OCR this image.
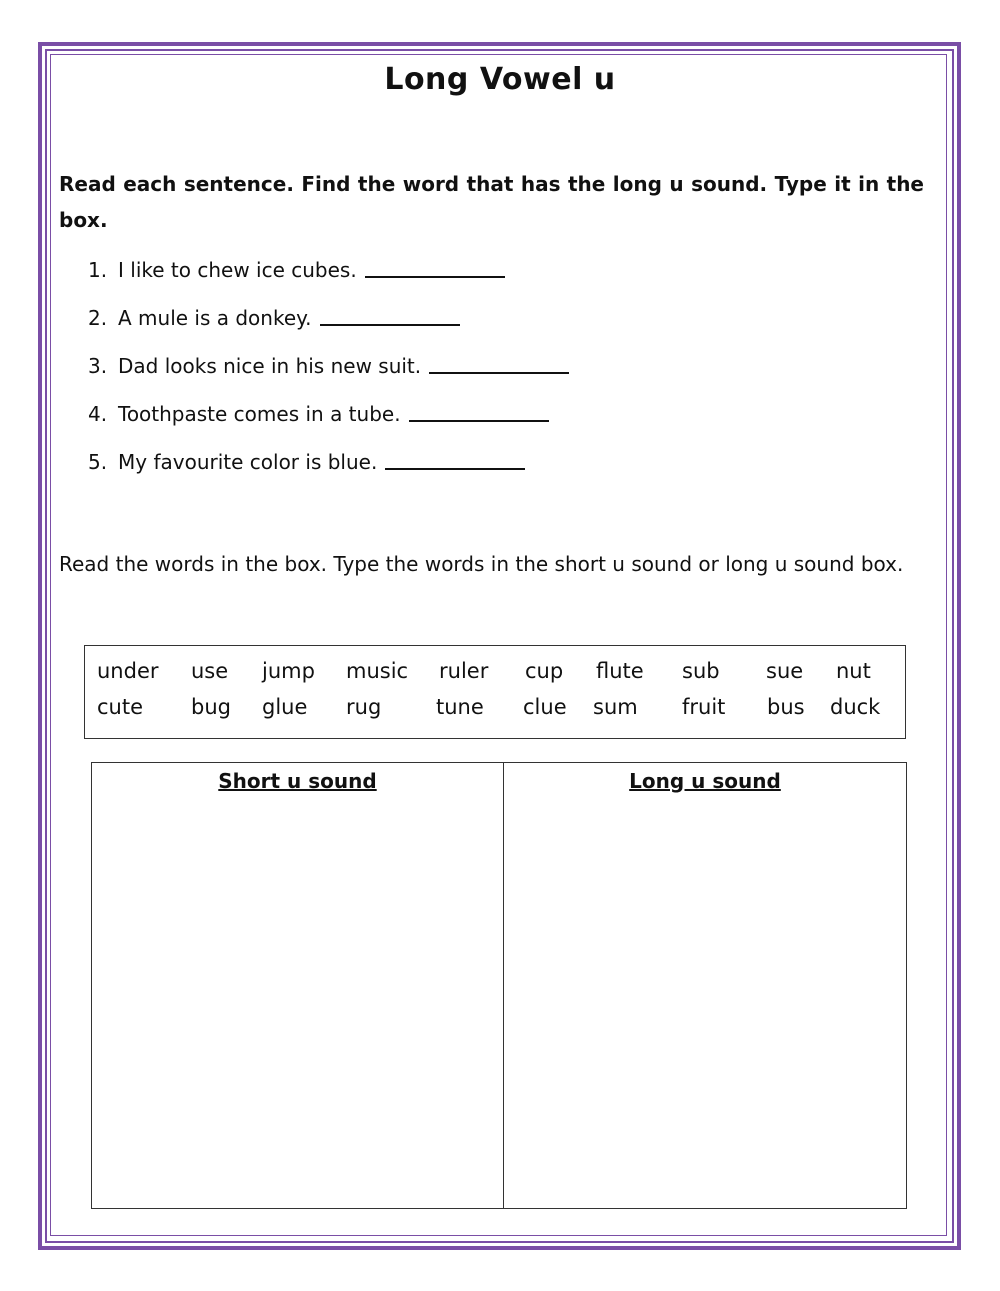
Long Vowel u
Read each sentence. Find the word that has the long u sound. Type it in the box.
1. I like to chew ice cubes.
2. A mule is a donkey.
3. Dad looks nice in his new suit.
4. Toothpaste comes in a tube.
5. My favourite color is blue.
Read the words in the box. Type the words in the short u sound or long u sound box.
under use jump music ruler cup flute sub sue nut
cute bug glue rug	tune clue sum fruit bus duck
Short u sound	Long u sound
